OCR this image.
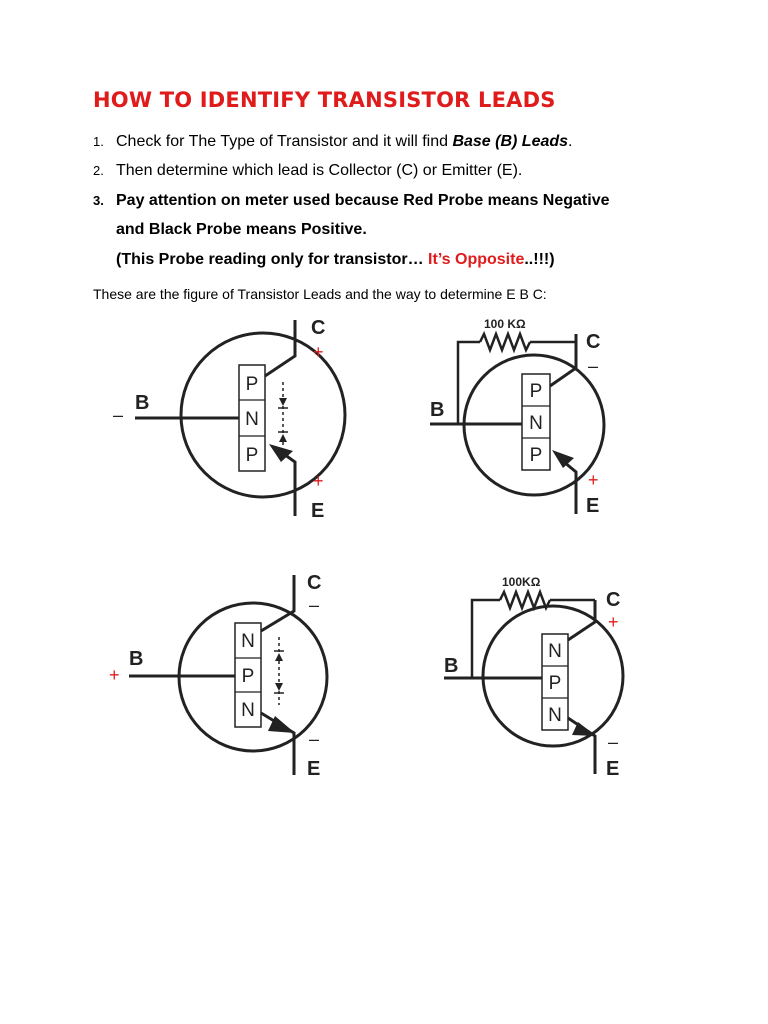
HOW TO IDENTIFY TRANSISTOR LEADS
1. Check for The Type of Transistor and it will find Base (B) Leads.
2. Then determine which lead is Collector (C) or Emitter (E).
3. Pay attention on meter used because Red Probe means Negative
and Black Probe means Positive.
(This Probe reading only for transistor… It’s Opposite..!!!)
These are the figure of Transistor Leads and the way to determine E B C:
P
N
P
C
+
B
–
+
E
P
N
P
100 KΩ
C
–
B
+
E
N
P
N
C
–
B
+
–
E
N
P
N
100KΩ
C
+
B
–
E
